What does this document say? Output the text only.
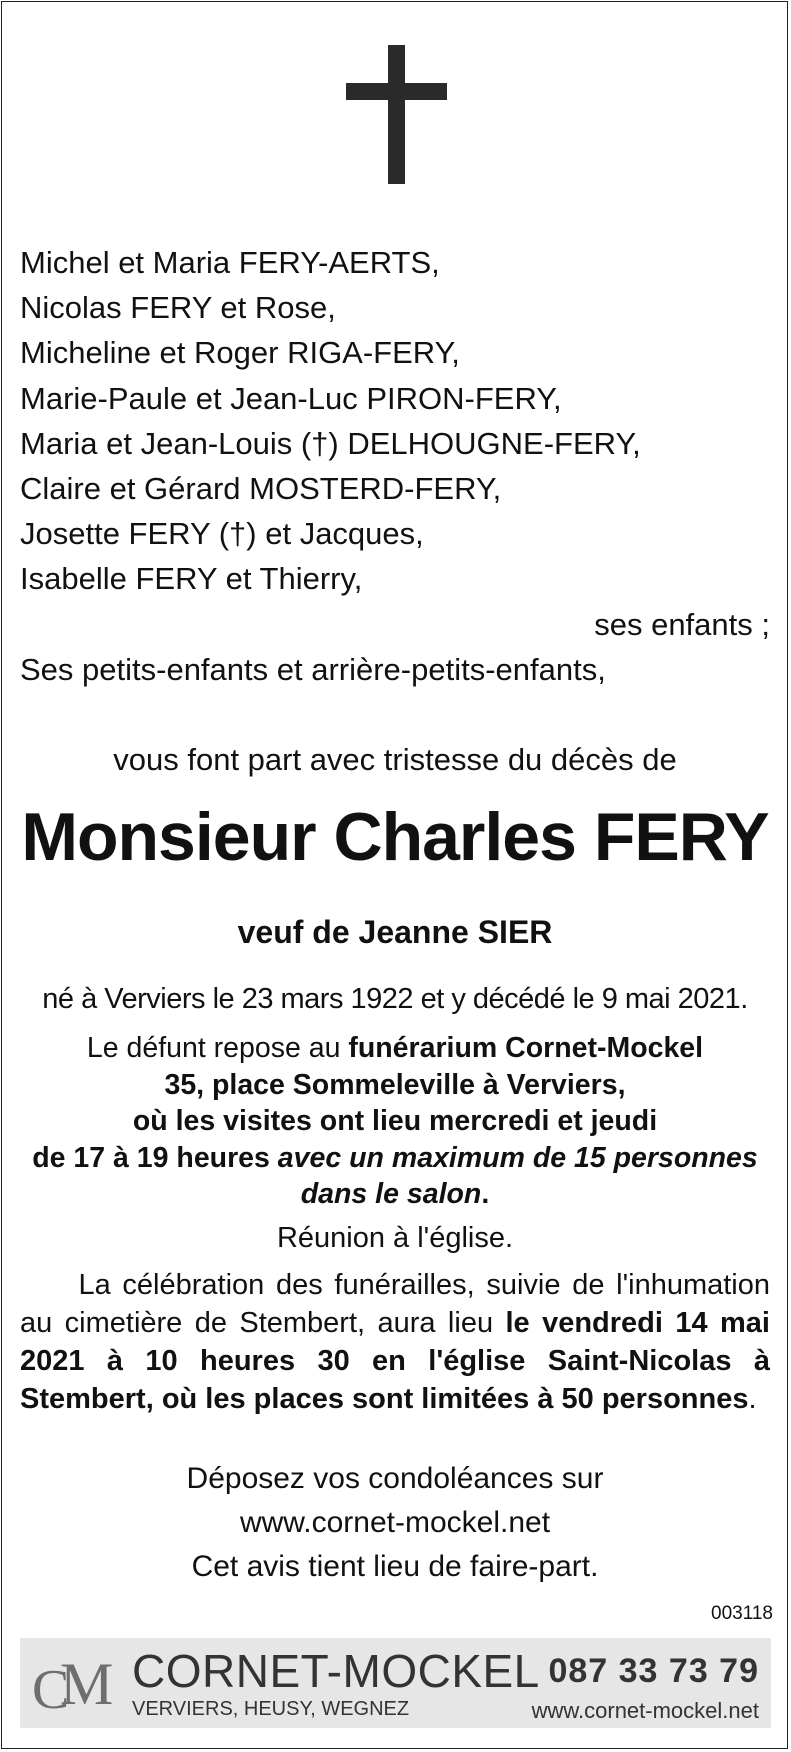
Michel et Maria FERY-AERTS,
Nicolas FERY et Rose,
Micheline et Roger RIGA-FERY,
Marie-Paule et Jean-Luc PIRON-FERY,
Maria et Jean-Louis (†) DELHOUGNE-FERY,
Claire et Gérard MOSTERD-FERY,
Josette FERY (†) et Jacques,
Isabelle FERY et Thierry,
ses enfants ;
Ses petits-enfants et arrière-petits-enfants,
vous font part avec tristesse du décès de
Monsieur Charles FERY
veuf de Jeanne SIER
né à Verviers le 23 mars 1922 et y décédé le 9 mai 2021.
Le défunt repose au funérarium Cornet-Mockel
35, place Sommeleville à Verviers,
où les visites ont lieu mercredi et jeudi
de 17 à 19 heures avec un maximum de 15 personnes
dans le salon.
Réunion à l'église.
La célébration des funérailles, suivie de l'inhumation au cimetière de Stembert, aura lieu le vendredi 14 mai 2021 à 10 heures 30 en l'église Saint-Nicolas à Stembert, où les places sont limitées à 50 personnes.
Déposez vos condoléances sur
www.cornet-mockel.net
Cet avis tient lieu de faire-part.
003118
C
M CORNET-MOCKEL
VERVIERS, HEUSY, WEGNEZ
087 33 73 79
www.cornet-mockel.net
